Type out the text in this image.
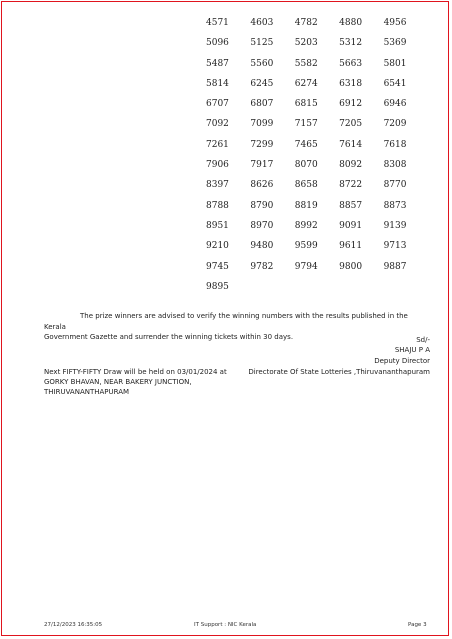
4571	4603	4782	4880	4956
5096	5125	5203	5312	5369
5487	5560	5582	5663	5801
5814	6245	6274	6318	6541
6707	6807	6815	6912	6946
7092	7099	7157	7205	7209
7261	7299	7465	7614	7618
7906	7917	8070	8092	8308
8397	8626	8658	8722	8770
8788	8790	8819	8857	8873
8951	8970	8992	9091	9139
9210	9480	9599	9611	9713
9745	9782	9794	9800	9887
9895
The prize winners are advised to verify the winning numbers with the results published in the Kerala
Government Gazette and surrender the winning tickets within 30 days.	Sd/-
SHAJU P A
Deputy Director
Next FIFTY-FIFTY Draw will be held on 03/01/2024 at	Directorate Of State Lotteries ,Thiruvananthapuram
GORKY BHAVAN, NEAR BAKERY JUNCTION,
THIRUVANANTHAPURAM
27/12/2023 16:35:05	IT Support : NIC Kerala	Page 3
